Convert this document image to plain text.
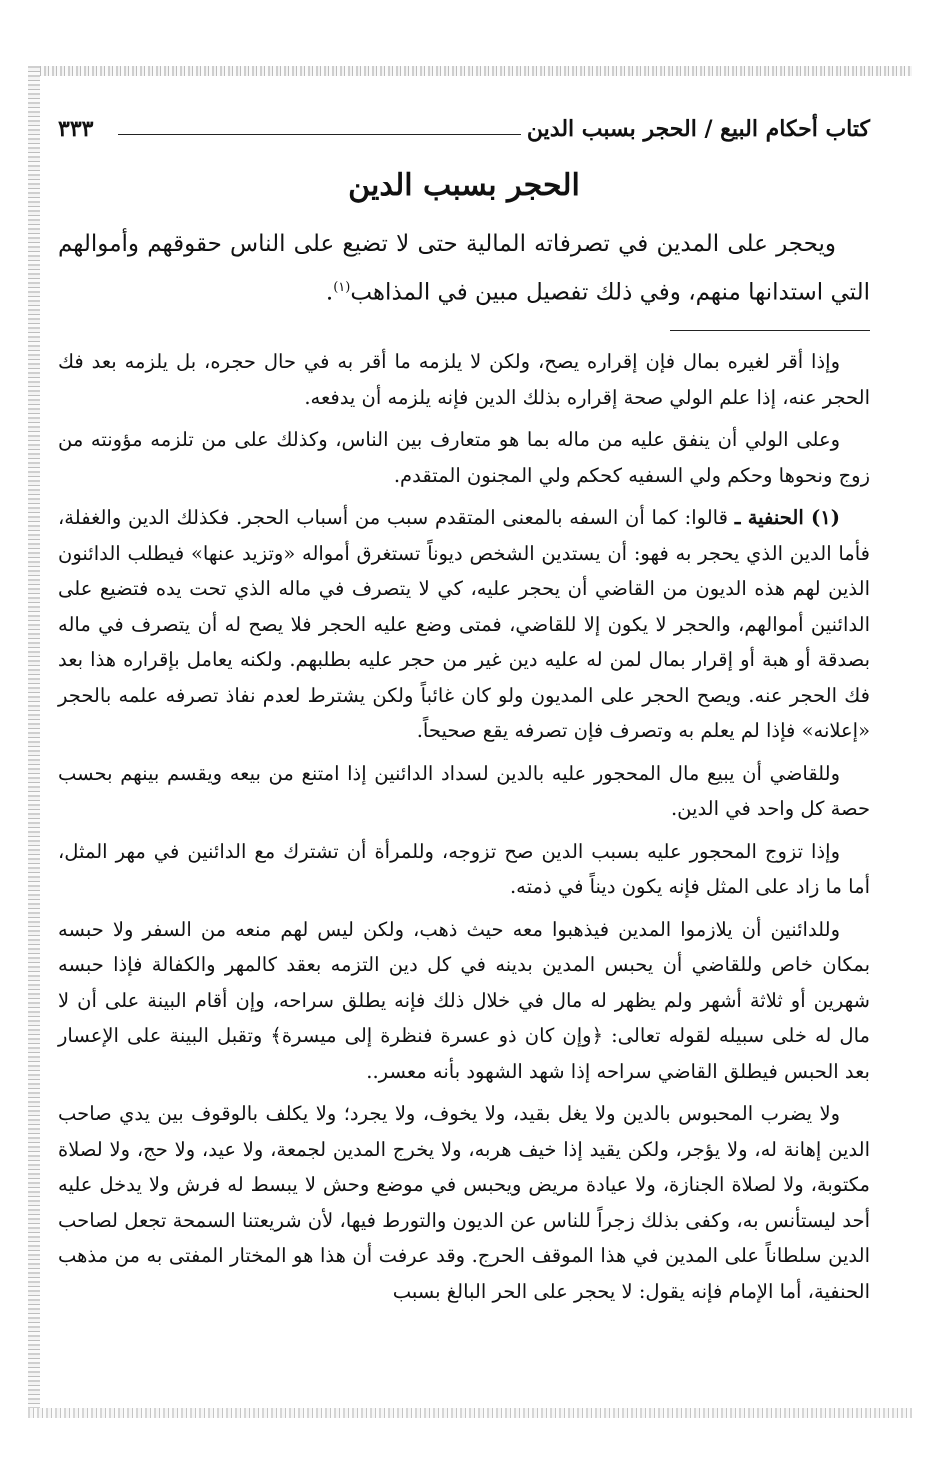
كتاب أحكام البيع / الحجر بسبب الدين
٣٣٣
الحجر بسبب الدين
ويحجر على المدين في تصرفاته المالية حتى لا تضيع على الناس حقوقهم وأموالهم التي استدانها منهم، وفي ذلك تفصيل مبين في المذاهب$^{(١)}$.

وإذا أقر لغيره بمال فإن إقراره يصح، ولكن لا يلزمه ما أقر به في حال حجره، بل يلزمه بعد فك الحجر عنه، إذا علم الولي صحة إقراره بذلك الدين فإنه يلزمه أن يدفعه.

وعلى الولي أن ينفق عليه من ماله بما هو متعارف بين الناس، وكذلك على من تلزمه مؤونته من زوج ونحوها وحكم ولي السفيه كحكم ولي المجنون المتقدم.

(١) الحنفية ـ قالوا: كما أن السفه بالمعنى المتقدم سبب من أسباب الحجر. فكذلك الدين والغفلة، فأما الدين الذي يحجر به فهو: أن يستدين الشخص ديوناً تستغرق أمواله «وتزيد عنها» فيطلب الدائنون الذين لهم هذه الديون من القاضي أن يحجر عليه، كي لا يتصرف في ماله الذي تحت يده فتضيع على الدائنين أموالهم، والحجر لا يكون إلا للقاضي، فمتى وضع عليه الحجر فلا يصح له أن يتصرف في ماله بصدقة أو هبة أو إقرار بمال لمن له عليه دين غير من حجر عليه بطلبهم. ولكنه يعامل بإقراره هذا بعد فك الحجر عنه. ويصح الحجر على المديون ولو كان غائباً ولكن يشترط لعدم نفاذ تصرفه علمه بالحجر «إعلانه» فإذا لم يعلم به وتصرف فإن تصرفه يقع صحيحاً.

وللقاضي أن يبيع مال المحجور عليه بالدين لسداد الدائنين إذا امتنع من بيعه ويقسم بينهم بحسب حصة كل واحد في الدين.

وإذا تزوج المحجور عليه بسبب الدين صح تزوجه، وللمرأة أن تشترك مع الدائنين في مهر المثل، أما ما زاد على المثل فإنه يكون ديناً في ذمته.

وللدائنين أن يلازموا المدين فيذهبوا معه حيث ذهب، ولكن ليس لهم منعه من السفر ولا حبسه بمكان خاص وللقاضي أن يحبس المدين بدينه في كل دين التزمه بعقد كالمهر والكفالة فإذا حبسه شهرين أو ثلاثة أشهر ولم يظهر له مال في خلال ذلك فإنه يطلق سراحه، وإن أقام البينة على أن لا مال له خلى سبيله لقوله تعالى: ﴿وإن كان ذو عسرة فنظرة إلى ميسرة﴾ وتقبل البينة على الإعسار بعد الحبس فيطلق القاضي سراحه إذا شهد الشهود بأنه معسر..

ولا يضرب المحبوس بالدين ولا يغل بقيد، ولا يخوف، ولا يجرد؛ ولا يكلف بالوقوف بين يدي صاحب الدين إهانة له، ولا يؤجر، ولكن يقيد إذا خيف هربه، ولا يخرج المدين لجمعة، ولا عيد، ولا حج، ولا لصلاة مكتوبة، ولا لصلاة الجنازة، ولا عيادة مريض ويحبس في موضع وحش لا يبسط له فرش ولا يدخل عليه أحد ليستأنس به، وكفى بذلك زجراً للناس عن الديون والتورط فيها، لأن شريعتنا السمحة تجعل لصاحب الدين سلطاناً على المدين في هذا الموقف الحرج. وقد عرفت أن هذا هو المختار المفتى به من مذهب الحنفية، أما الإمام فإنه يقول: لا يحجر على الحر البالغ بسبب
